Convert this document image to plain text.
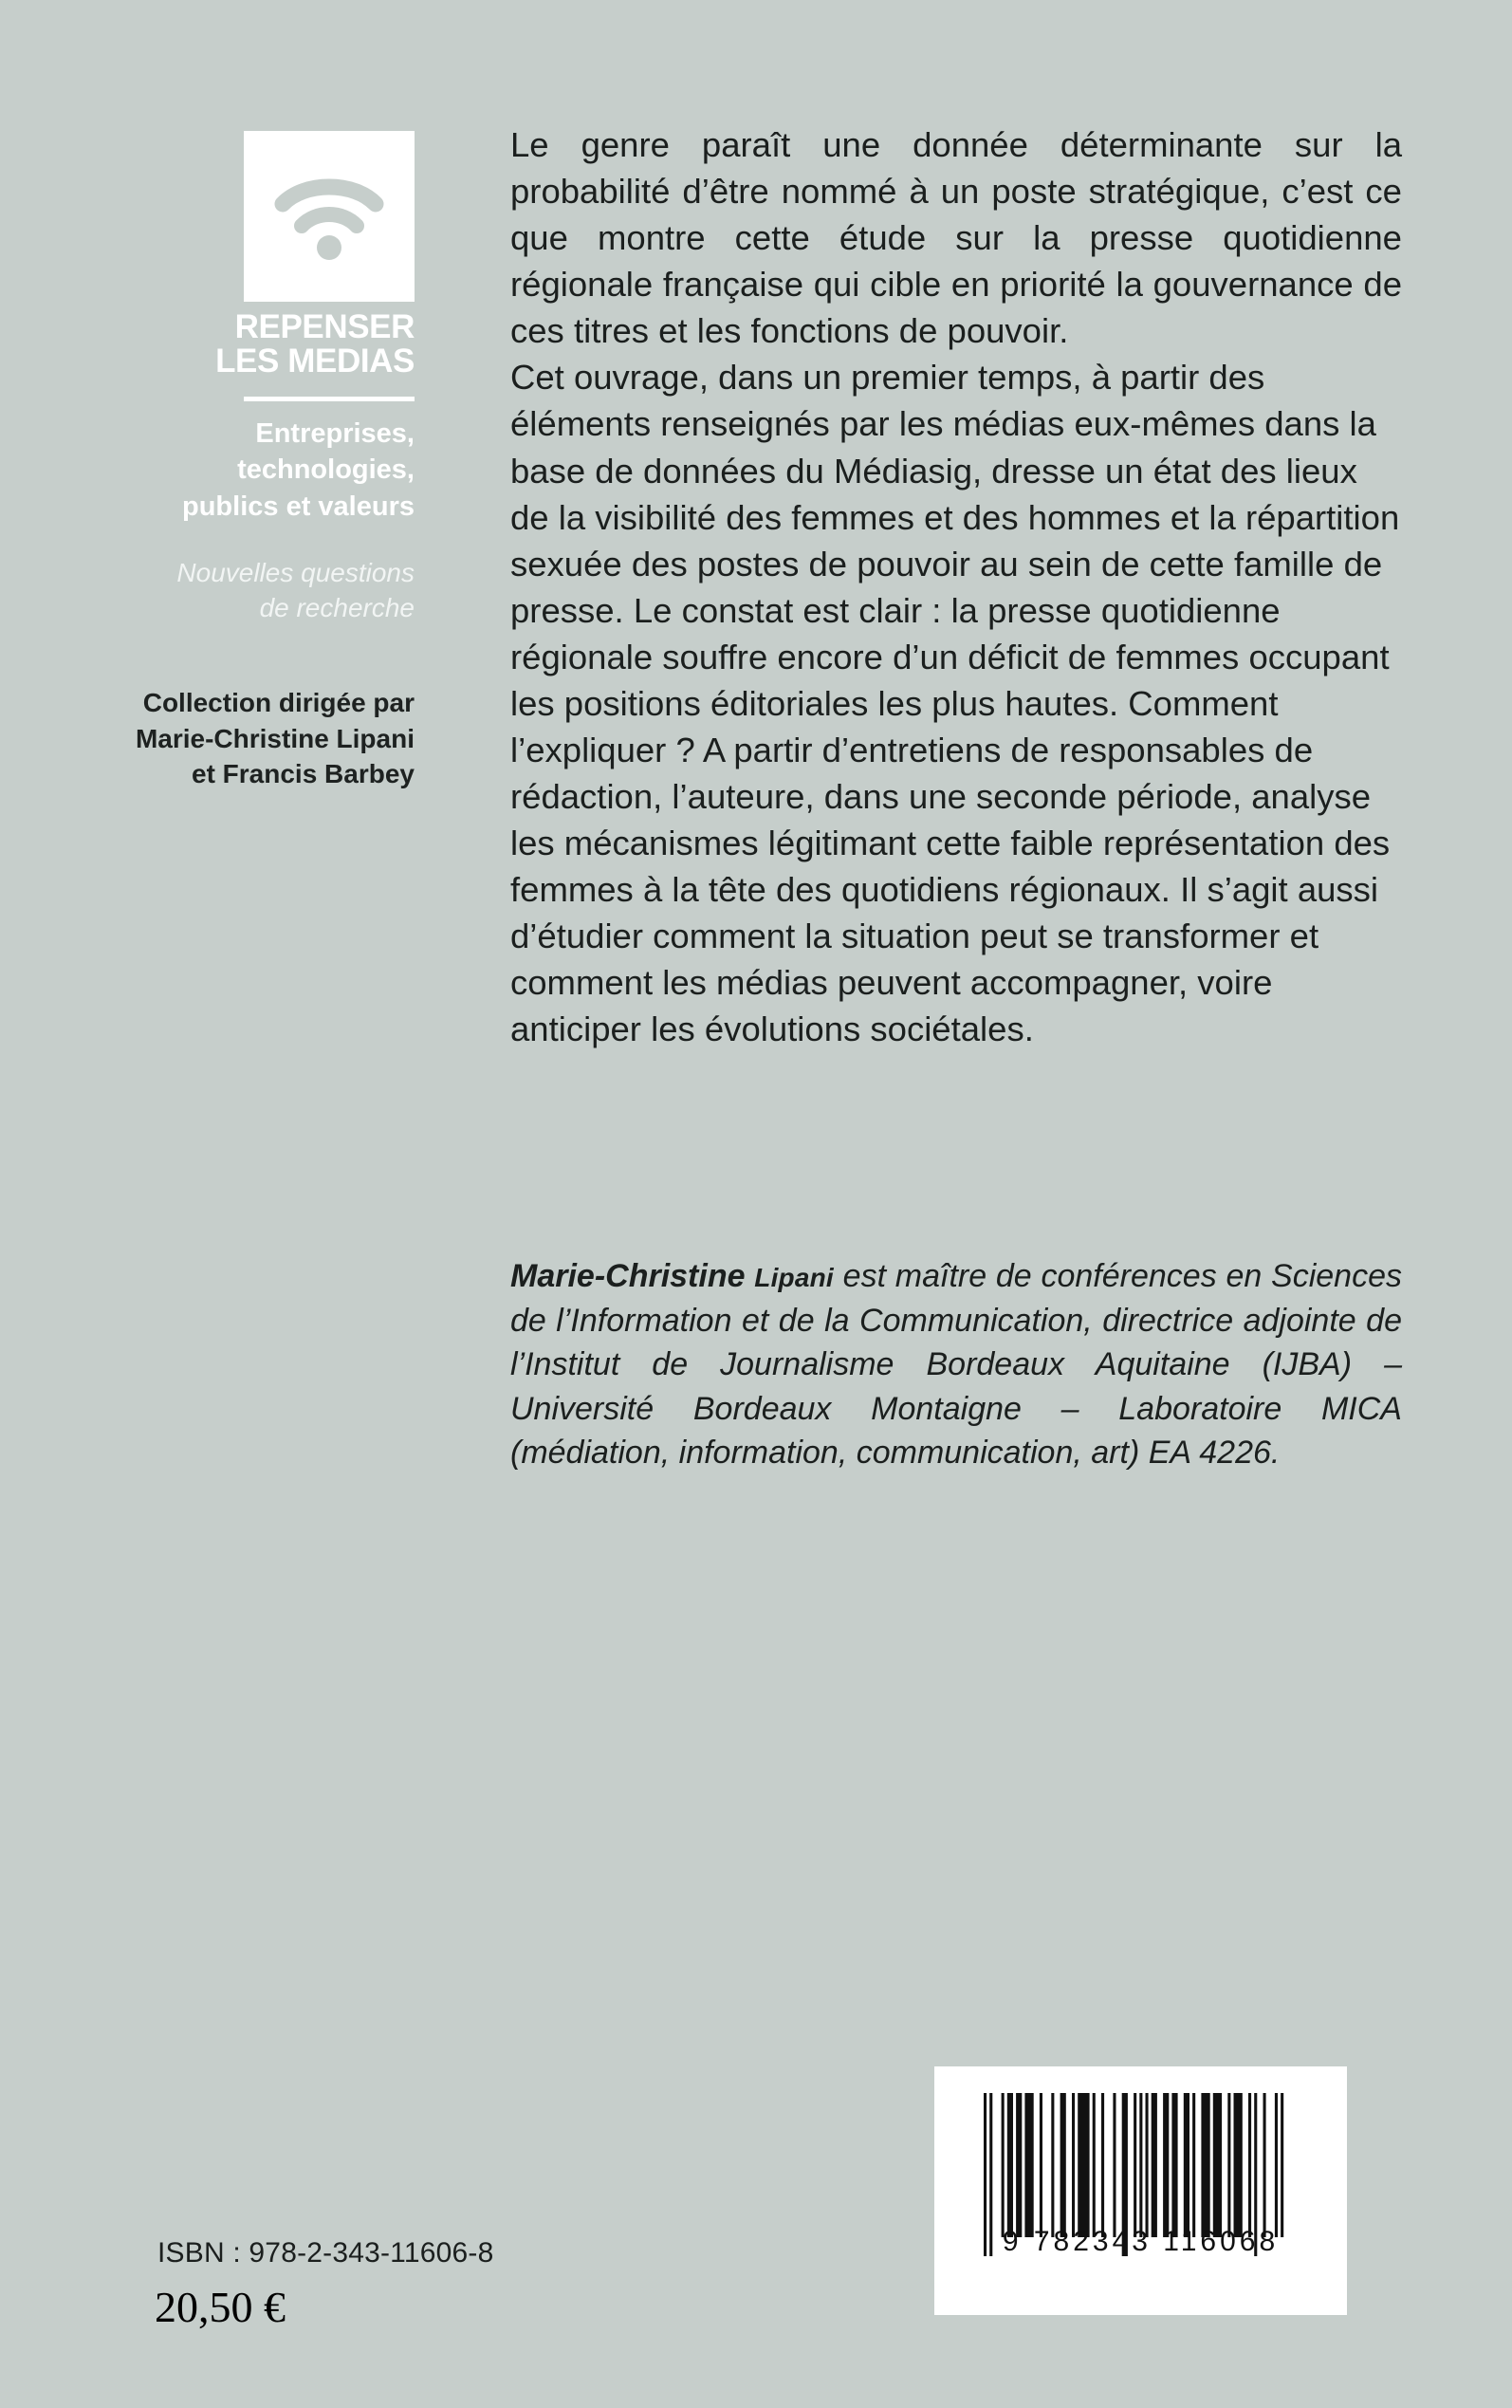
REPENSER
LES MEDIAS
Entreprises,
technologies,
publics et valeurs
Nouvelles questions
de recherche
Collection dirigée par
Marie-Christine Lipani
et Francis Barbey

Le genre paraît une donnée déterminante sur la probabilité d’être nommé à un poste stratégique, c’est ce que montre cette étude sur la presse quotidienne régionale française qui cible en priorité la gouvernance de ces titres et les fonctions de pouvoir.

Cet ouvrage, dans un premier temps, à partir des éléments renseignés par les médias eux-mêmes dans la base de données du Médiasig, dresse un état des lieux de la visibilité des femmes et des hommes et la répartition sexuée des postes de pouvoir au sein de cette famille de presse. Le constat est clair : la presse quotidienne régionale souffre encore d’un déficit de femmes occupant les positions éditoriales les plus hautes. Comment l’expliquer ? A partir d’entretiens de responsables de rédaction, l’auteure, dans une seconde période, analyse les mécanismes légitimant cette faible représentation des femmes à la tête des quotidiens régionaux. Il s’agit aussi d’étudier comment la situation peut se transformer et comment les médias peuvent accompagner, voire anticiper les évolutions sociétales.

Marie-Christine Lipani est maître de conférences en Sciences de l’Information et de la Communication, directrice adjointe de l’Institut de Journalisme Bordeaux Aquitaine (IJBA) – Université Bordeaux Montaigne – Laboratoire MICA (médiation, information, communication, art) EA 4226.

ISBN : 978-2-343-11606-8
20,50 €
9 782343 116068
